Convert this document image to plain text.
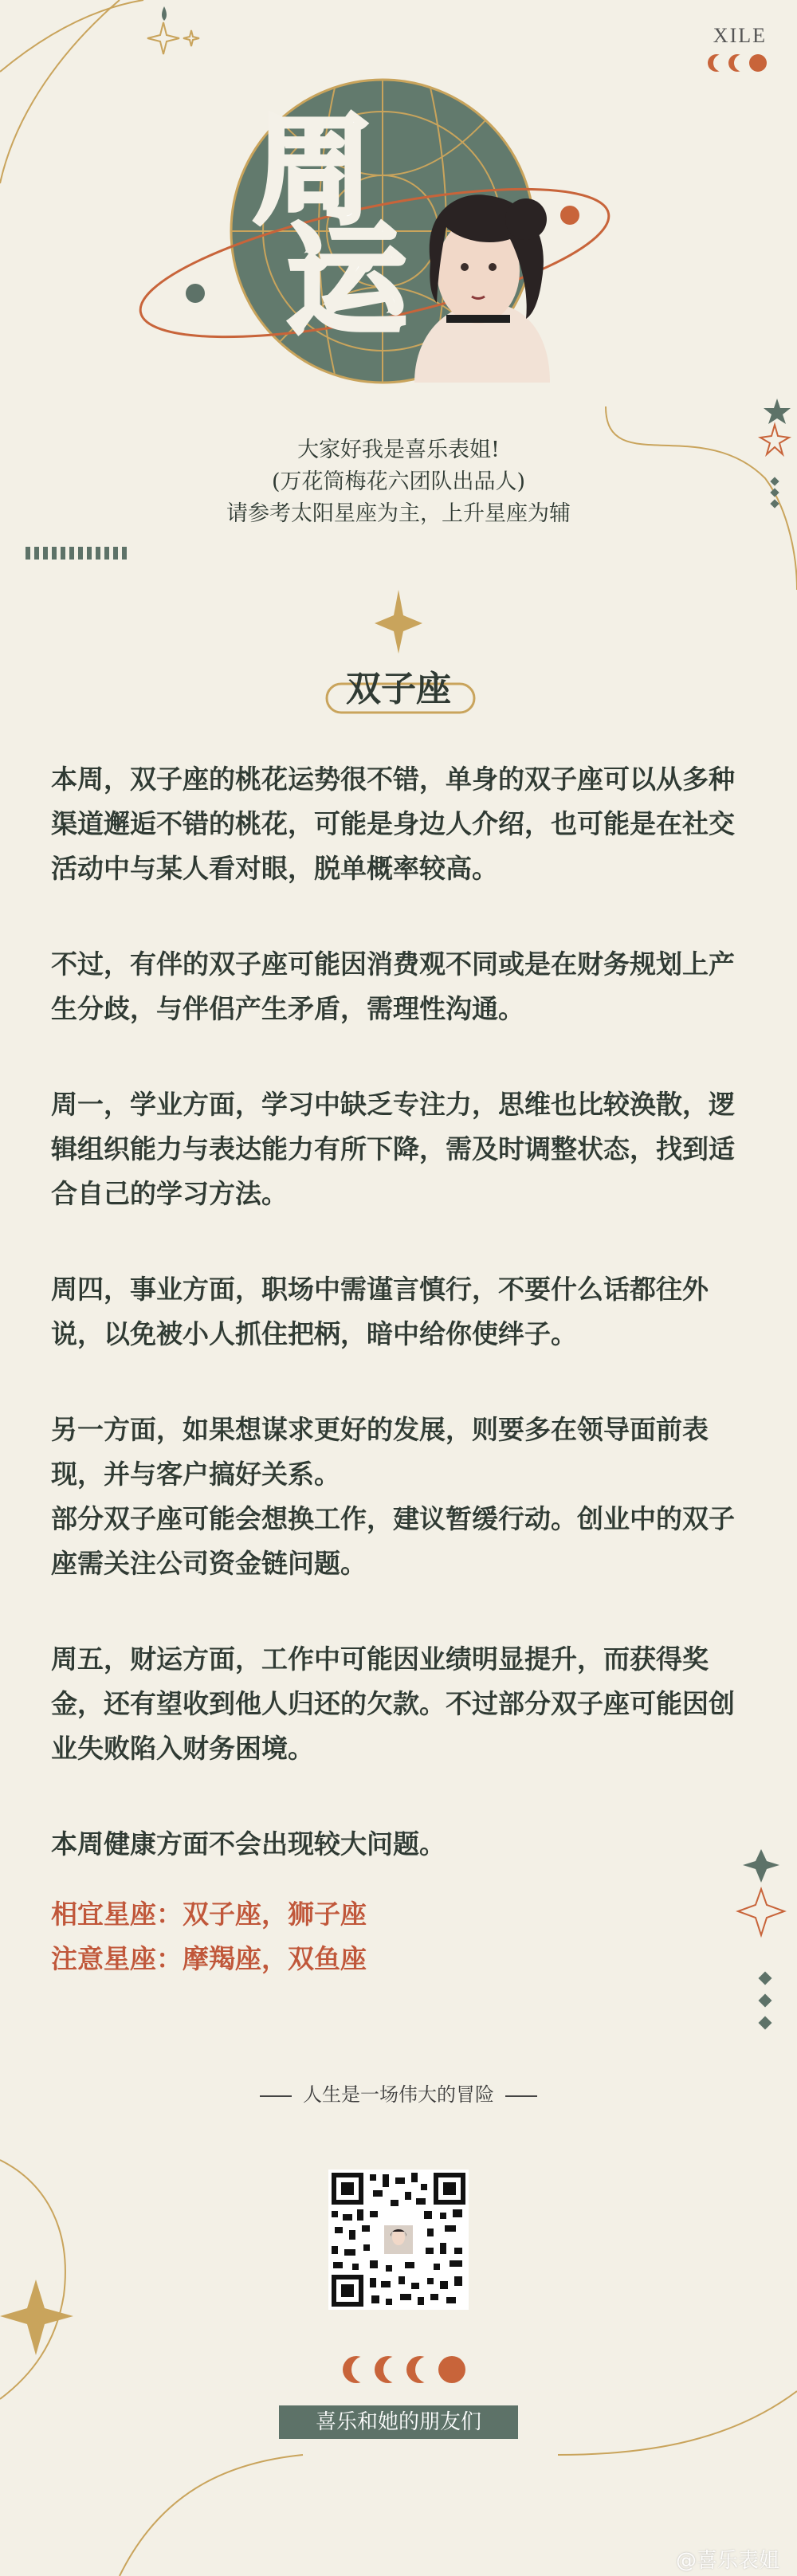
XILE
周
运
大家好我是喜乐表姐!
(万花筒梅花六团队出品人)
请参考太阳星座为主，上升星座为辅
双子座

本周，双子座的桃花运势很不错，单身的双子座可以从多种渠道邂逅不错的桃花，可能是身边人介绍，也可能是在社交活动中与某人看对眼，脱单概率较高。

不过，有伴的双子座可能因消费观不同或是在财务规划上产生分歧，与伴侣产生矛盾，需理性沟通。

周一，学业方面，学习中缺乏专注力，思维也比较涣散，逻辑组织能力与表达能力有所下降，需及时调整状态，找到适合自己的学习方法。

周四，事业方面，职场中需谨言慎行，不要什么话都往外说，以免被小人抓住把柄，暗中给你使绊子。

另一方面，如果想谋求更好的发展，则要多在领导面前表现，并与客户搞好关系。

部分双子座可能会想换工作，建议暂缓行动。创业中的双子座需关注公司资金链问题。

周五，财运方面，工作中可能因业绩明显提升，而获得奖金，还有望收到他人归还的欠款。不过部分双子座可能因创业失败陷入财务困境。

本周健康方面不会出现较大问题。

相宜星座：双子座，狮子座
注意星座：摩羯座，双鱼座
人生是一场伟大的冒险
喜乐和她的朋友们
@喜乐表姐
